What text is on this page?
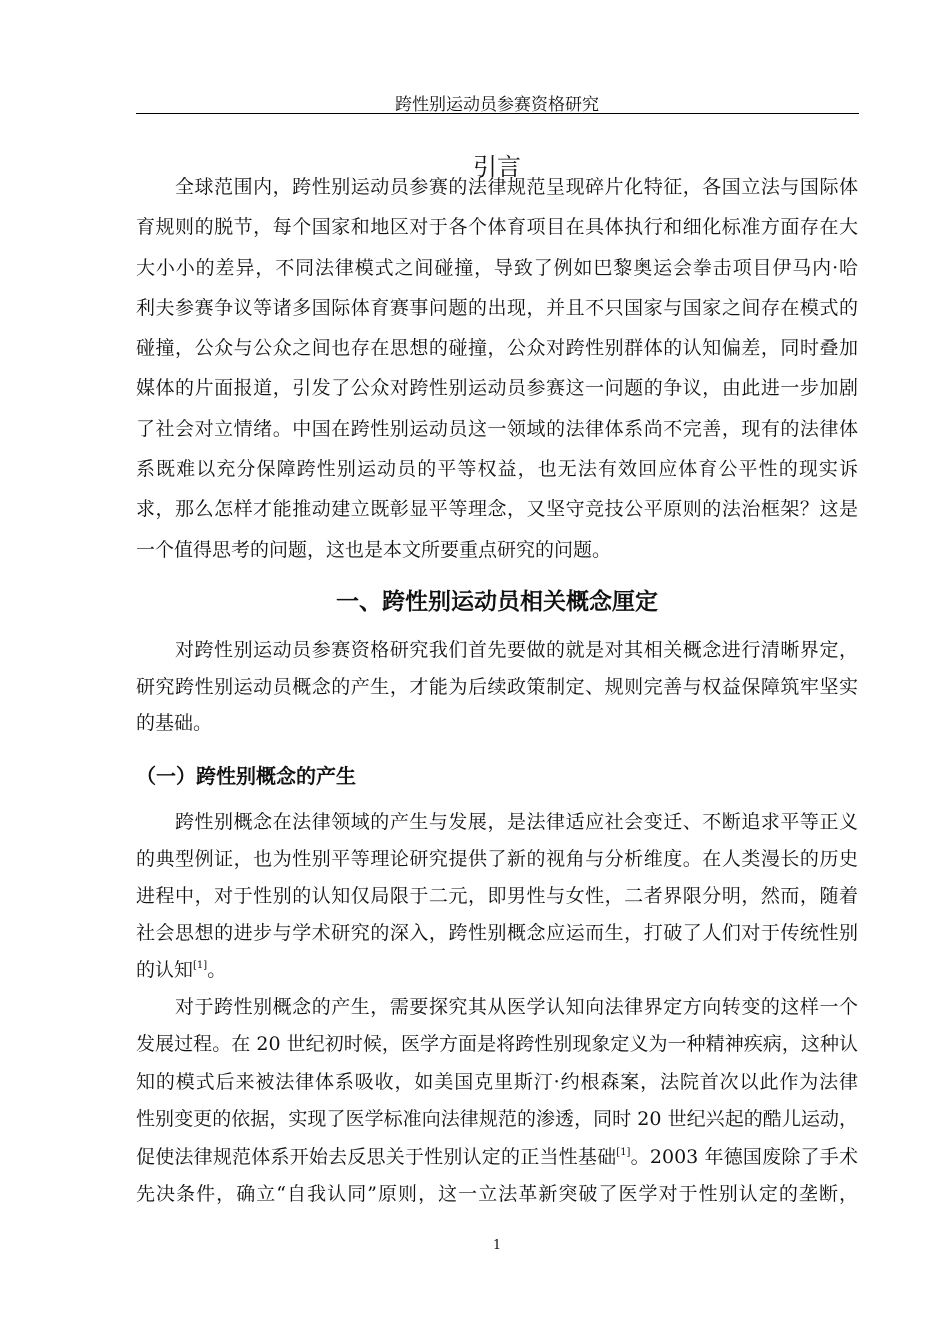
跨性别运动员参赛资格研究
引言
全球范围内，跨性别运动员参赛的法律规范呈现碎片化特征，各国立法与国际体
育规则的脱节，每个国家和地区对于各个体育项目在具体执行和细化标准方面存在大
大小小的差异，不同法律模式之间碰撞，导致了例如巴黎奥运会拳击项目伊马内·哈
利夫参赛争议等诸多国际体育赛事问题的出现，并且不只国家与国家之间存在模式的
碰撞，公众与公众之间也存在思想的碰撞，公众对跨性别群体的认知偏差，同时叠加
媒体的片面报道，引发了公众对跨性别运动员参赛这一问题的争议，由此进一步加剧
了社会对立情绪。中国在跨性别运动员这一领域的法律体系尚不完善，现有的法律体
系既难以充分保障跨性别运动员的平等权益，也无法有效回应体育公平性的现实诉
求，那么怎样才能推动建立既彰显平等理念，又坚守竞技公平原则的法治框架？这是
一个值得思考的问题，这也是本文所要重点研究的问题。
一、跨性别运动员相关概念厘定
对跨性别运动员参赛资格研究我们首先要做的就是对其相关概念进行清晰界定，
研究跨性别运动员概念的产生，才能为后续政策制定、规则完善与权益保障筑牢坚实
的基础。
（一）跨性别概念的产生
跨性别概念在法律领域的产生与发展，是法律适应社会变迁、不断追求平等正义
的典型例证，也为性别平等理论研究提供了新的视角与分析维度。在人类漫长的历史
进程中，对于性别的认知仅局限于二元，即男性与女性，二者界限分明，然而，随着
社会思想的进步与学术研究的深入，跨性别概念应运而生，打破了人们对于传统性别
的认知[1]。
对于跨性别概念的产生，需要探究其从医学认知向法律界定方向转变的这样一个
发展过程。在 20 世纪初时候，医学方面是将跨性别现象定义为一种精神疾病，这种认
知的模式后来被法律体系吸收，如美国克里斯汀·约根森案，法院首次以此作为法律
性别变更的依据，实现了医学标准向法律规范的渗透，同时 20 世纪兴起的酷儿运动，
促使法律规范体系开始去反思关于性别认定的正当性基础[1]。2003 年德国废除了手术
先决条件，确立“自我认同”原则，这一立法革新突破了医学对于性别认定的垄断，
1
